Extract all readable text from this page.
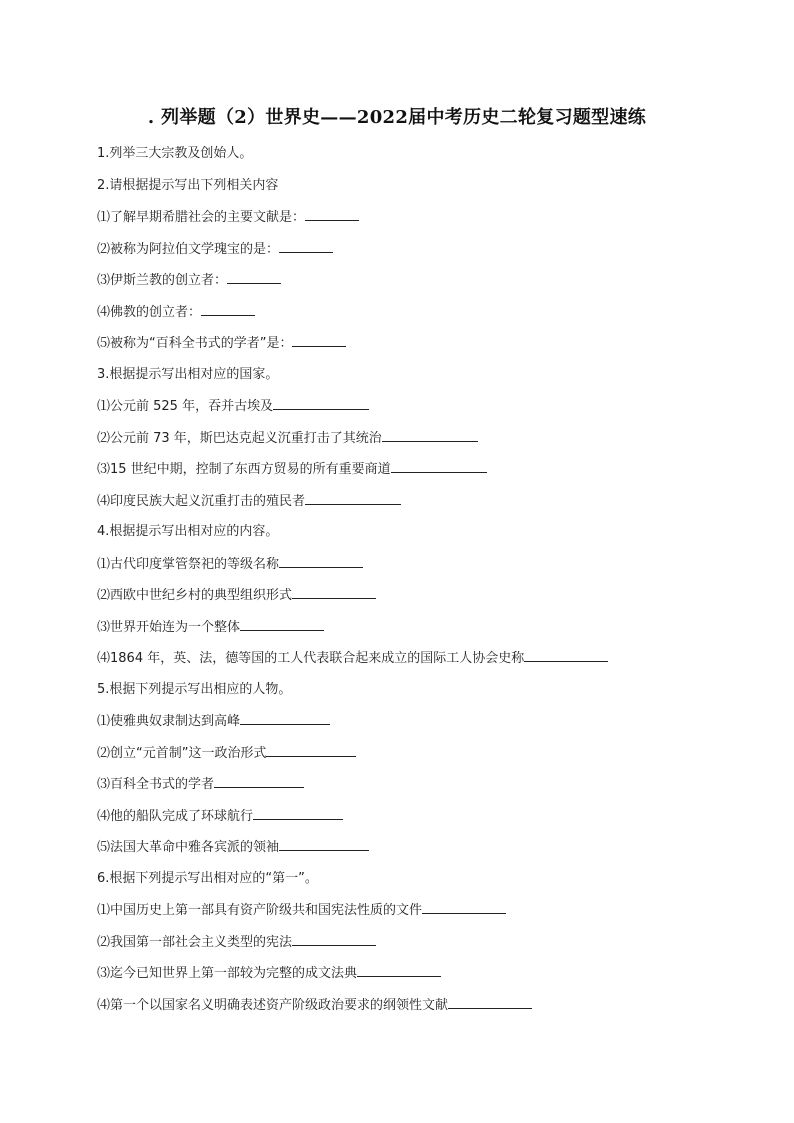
. 列举题（2）世界史——2022届中考历史二轮复习题型速练
1.列举三大宗教及创始人。
2.请根据提示写出下列相关内容
⑴了解早期希腊社会的主要文献是：
⑵被称为阿拉伯文学瑰宝的是：
⑶伊斯兰教的创立者：
⑷佛教的创立者：
⑸被称为“百科全书式的学者”是：
3.根据提示写出相对应的国家。
⑴公元前 525 年，吞并古埃及
⑵公元前 73 年，斯巴达克起义沉重打击了其统治
⑶15 世纪中期，控制了东西方贸易的所有重要商道
⑷印度民族大起义沉重打击的殖民者
4.根据提示写出相对应的内容。
⑴古代印度掌管祭祀的等级名称
⑵西欧中世纪乡村的典型组织形式
⑶世界开始连为一个整体
⑷1864 年，英、法，德等国的工人代表联合起来成立的国际工人协会史称
5.根据下列提示写出相应的人物。
⑴使雅典奴隶制达到高峰
⑵创立“元首制”这一政治形式
⑶百科全书式的学者
⑷他的船队完成了环球航行
⑸法国大革命中雅各宾派的领袖
6.根据下列提示写出相对应的“第一”。
⑴中国历史上第一部具有资产阶级共和国宪法性质的文件
⑵我国第一部社会主义类型的宪法
⑶迄今已知世界上第一部较为完整的成文法典
⑷第一个以国家名义明确表述资产阶级政治要求的纲领性文献
